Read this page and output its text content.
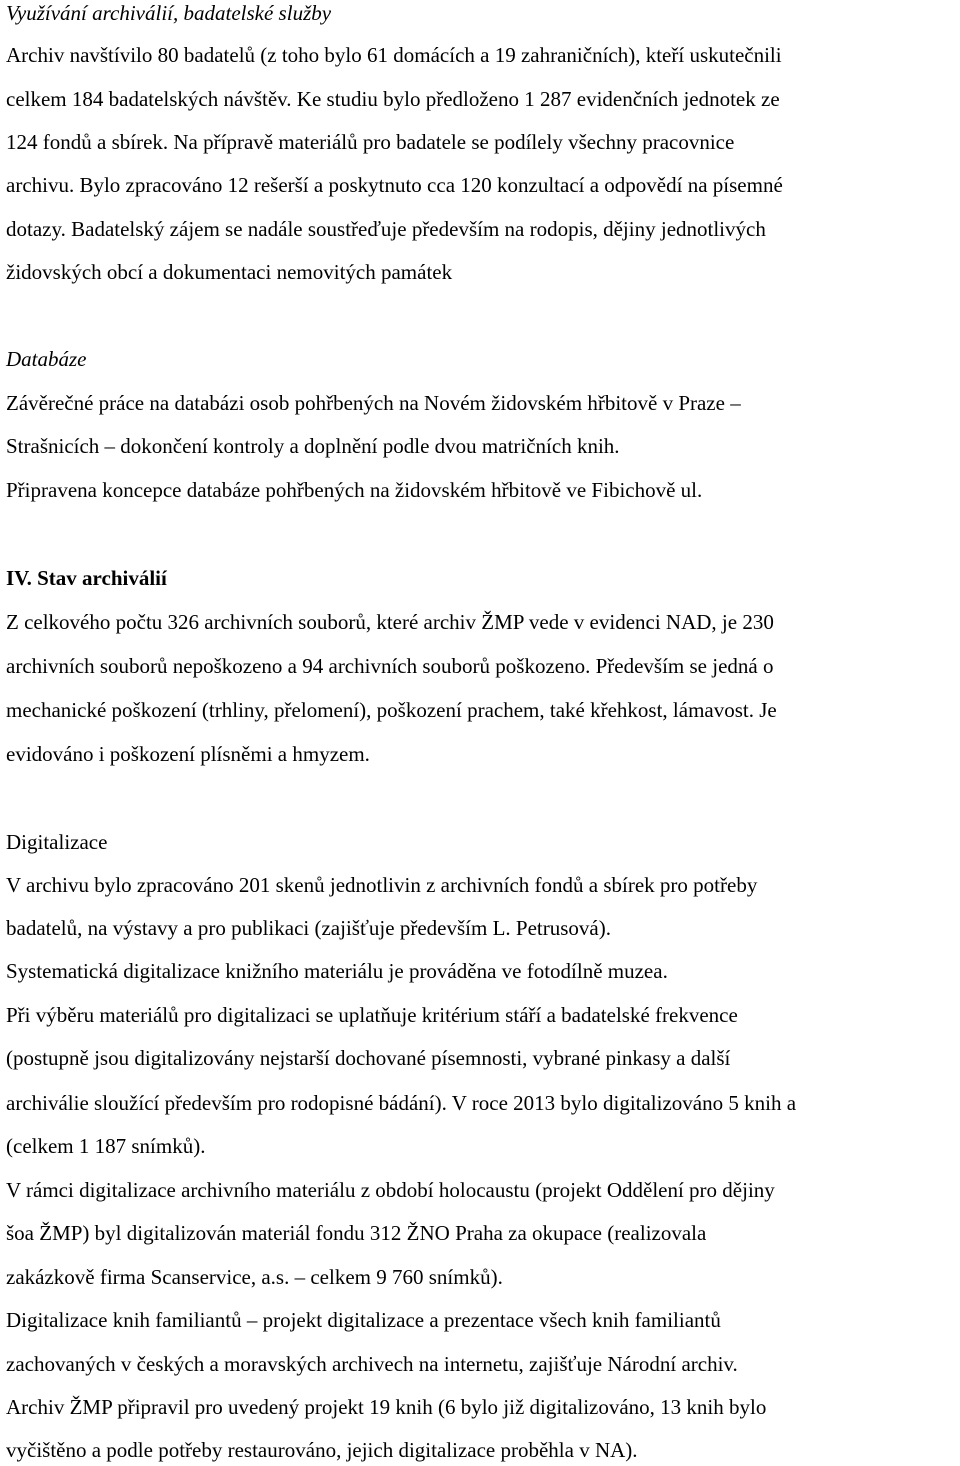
Využívání archiválií, badatelské služby
Archiv navštívilo 80 badatelů (z toho bylo 61 domácích a 19 zahraničních), kteří uskutečnili
celkem 184 badatelských návštěv. Ke studiu bylo předloženo 1 287 evidenčních jednotek ze
124 fondů a sbírek. Na přípravě materiálů pro badatele se podílely všechny pracovnice
archivu. Bylo zpracováno 12 rešerší a poskytnuto cca 120 konzultací a odpovědí na písemné
dotazy. Badatelský zájem se nadále soustřeďuje především na rodopis, dějiny jednotlivých
židovských obcí a dokumentaci nemovitých památek
Databáze
Závěrečné práce na databázi osob pohřbených na Novém židovském hřbitově v Praze –
Strašnicích – dokončení kontroly a doplnění podle dvou matričních knih.
Připravena koncepce databáze pohřbených na židovském hřbitově ve Fibichově ul.
IV. Stav archiválií
Z celkového počtu 326 archivních souborů, které archiv ŽMP vede v evidenci NAD, je 230
archivních souborů nepoškozeno a 94 archivních souborů poškozeno. Především se jedná o
mechanické poškození (trhliny, přelomení), poškození prachem, také křehkost, lámavost. Je
evidováno i poškození plísněmi a hmyzem.
Digitalizace
V archivu bylo zpracováno 201 skenů jednotlivin z archivních fondů a sbírek pro potřeby
badatelů, na výstavy a pro publikaci (zajišťuje především L. Petrusová).
Systematická digitalizace knižního materiálu je prováděna ve fotodílně muzea.
Při výběru materiálů pro digitalizaci se uplatňuje kritérium stáří a badatelské frekvence
(postupně jsou digitalizovány nejstarší dochované písemnosti, vybrané pinkasy a další
archiválie sloužící především pro rodopisné bádání). V roce 2013 bylo digitalizováno 5 knih a
(celkem 1 187 snímků).
V rámci digitalizace archivního materiálu z období holocaustu (projekt Oddělení pro dějiny
šoa ŽMP) byl digitalizován materiál fondu 312 ŽNO Praha za okupace (realizovala
zakázkově firma Scanservice, a.s. – celkem 9 760 snímků).
Digitalizace knih familiantů – projekt digitalizace a prezentace všech knih familiantů
zachovaných v českých a moravských archivech na internetu, zajišťuje Národní archiv.
Archiv ŽMP připravil pro uvedený projekt 19 knih (6 bylo již digitalizováno, 13 knih bylo
vyčištěno a podle potřeby restaurováno, jejich digitalizace proběhla v NA).
